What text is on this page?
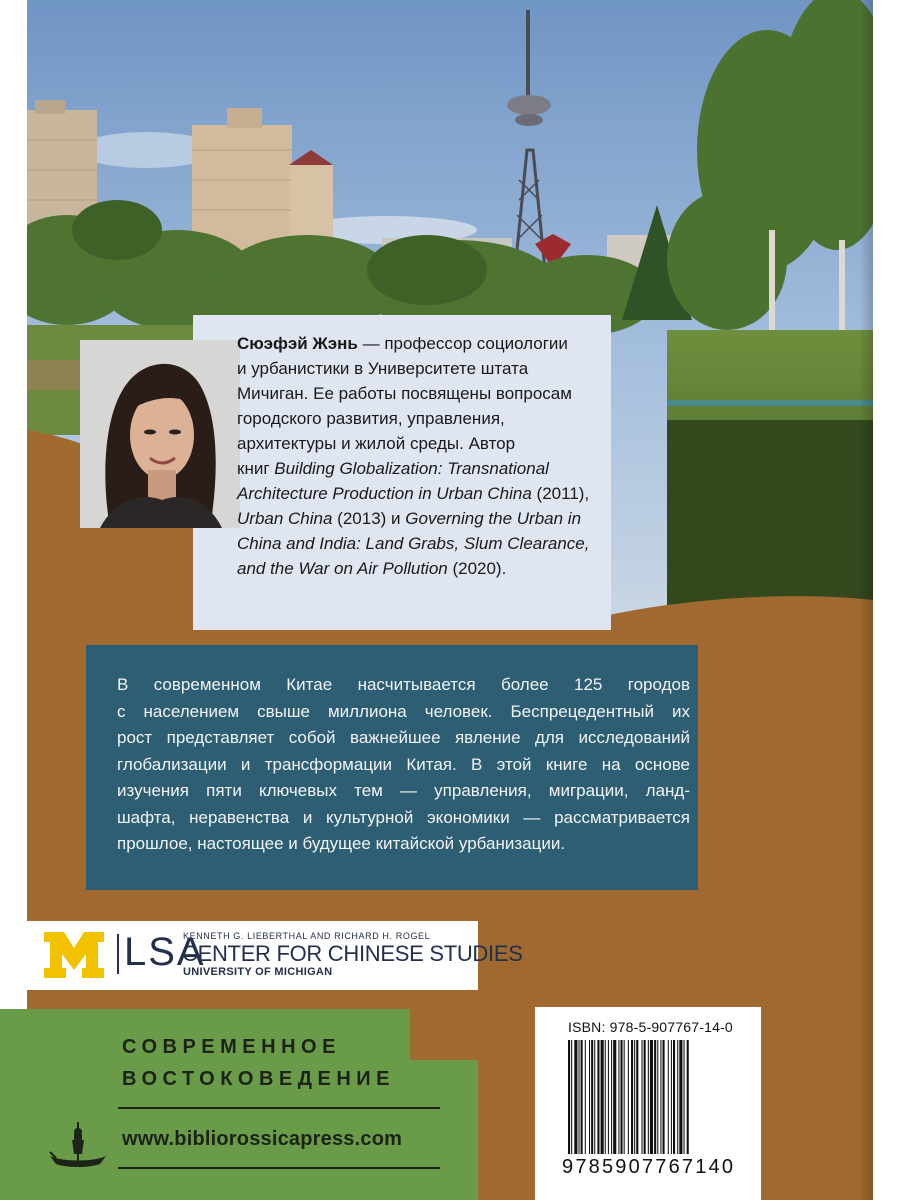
Сюэфэй Жэнь — профессор социологии
и урбанистики в Университете штата
Мичиган. Ее работы посвящены вопросам
городского развития, управления,
архитектуры и жилой среды. Автор
книг Building Globalization: Transnational
Architecture Production in Urban China (2011),
Urban China (2013) и Governing the Urban in
China and India: Land Grabs, Slum Clearance,
and the War on Air Pollution (2020).
В современном Китае насчитывается более 125 городов
с населением свыше миллиона человек. Беспрецедентный их
рост представляет собой важнейшее явление для исследований
глобализации и трансформации Китая. В этой книге на основе
изучения пяти ключевых тем — управления, миграции, ланд-
шафта, неравенства и культурной экономики — рассматривается
прошлое, настоящее и будущее китайской урбанизации.
LSA
KENNETH G. LIEBERTHAL AND RICHARD H. ROGEL
CENTER FOR CHINESE STUDIES
UNIVERSITY OF MICHIGAN
СОВРЕМЕННОЕ
ВОСТОКОВЕДЕНИЕ
www.bibliorossicapress.com
ISBN: 978-5-907767-14-0
9785907767140
